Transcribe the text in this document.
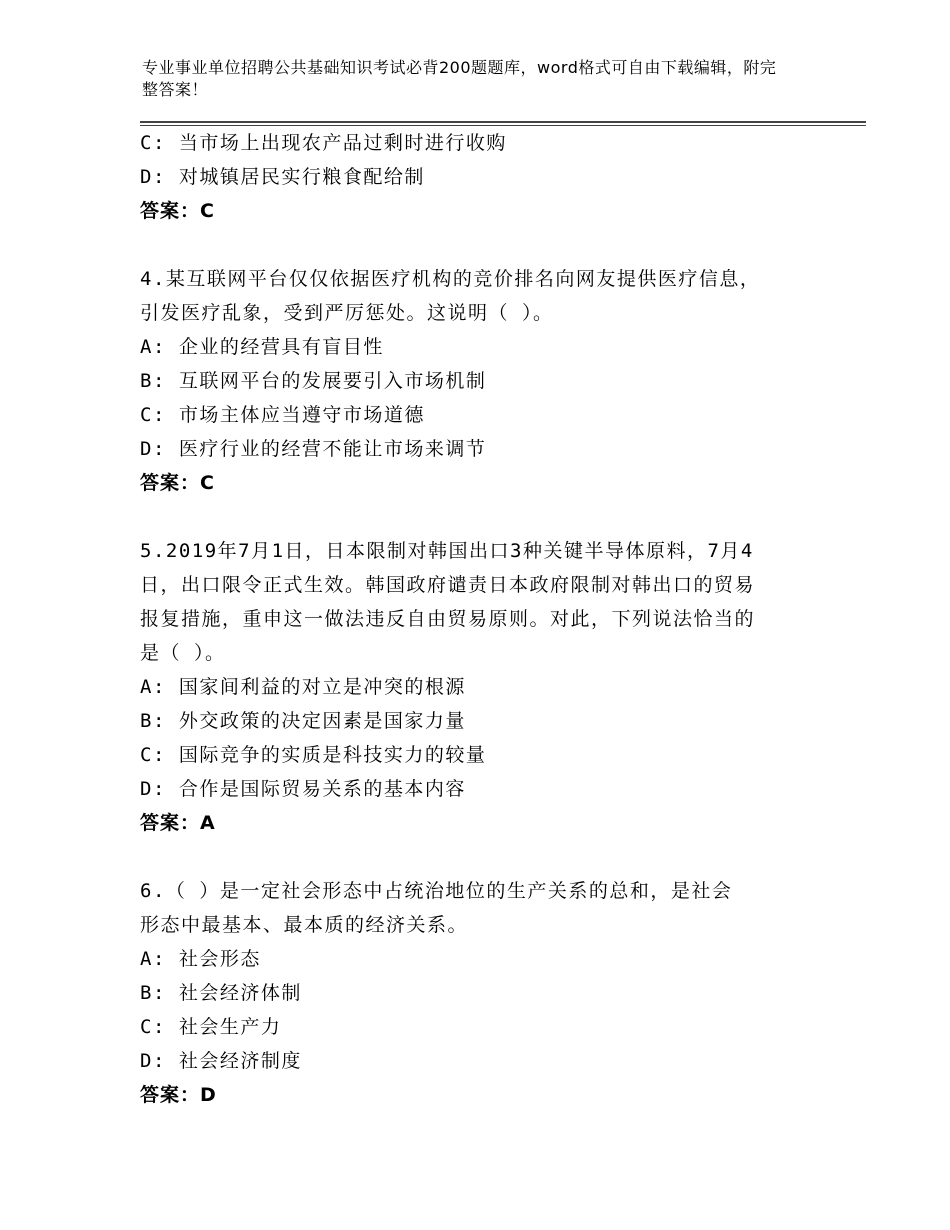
专业事业单位招聘公共基础知识考试必背200题题库，word格式可自由下载编辑，附完整答案！
C: 当市场上出现农产品过剩时进行收购
D: 对城镇居民实行粮食配给制
答案：C
4.某互联网平台仅仅依据医疗机构的竞价排名向网友提供医疗信息，
引发医疗乱象，受到严厉惩处。这说明（ ）。
A: 企业的经营具有盲目性
B: 互联网平台的发展要引入市场机制
C: 市场主体应当遵守市场道德
D: 医疗行业的经营不能让市场来调节
答案：C
5.2019年7月1日，日本限制对韩国出口3种关键半导体原料，7月4
日，出口限令正式生效。韩国政府谴责日本政府限制对韩出口的贸易
报复措施，重申这一做法违反自由贸易原则。对此，下列说法恰当的
是（ ）。
A: 国家间利益的对立是冲突的根源
B: 外交政策的决定因素是国家力量
C: 国际竞争的实质是科技实力的较量
D: 合作是国际贸易关系的基本内容
答案：A
6.（ ）是一定社会形态中占统治地位的生产关系的总和，是社会
形态中最基本、最本质的经济关系。
A: 社会形态
B: 社会经济体制
C: 社会生产力
D: 社会经济制度
答案：D
